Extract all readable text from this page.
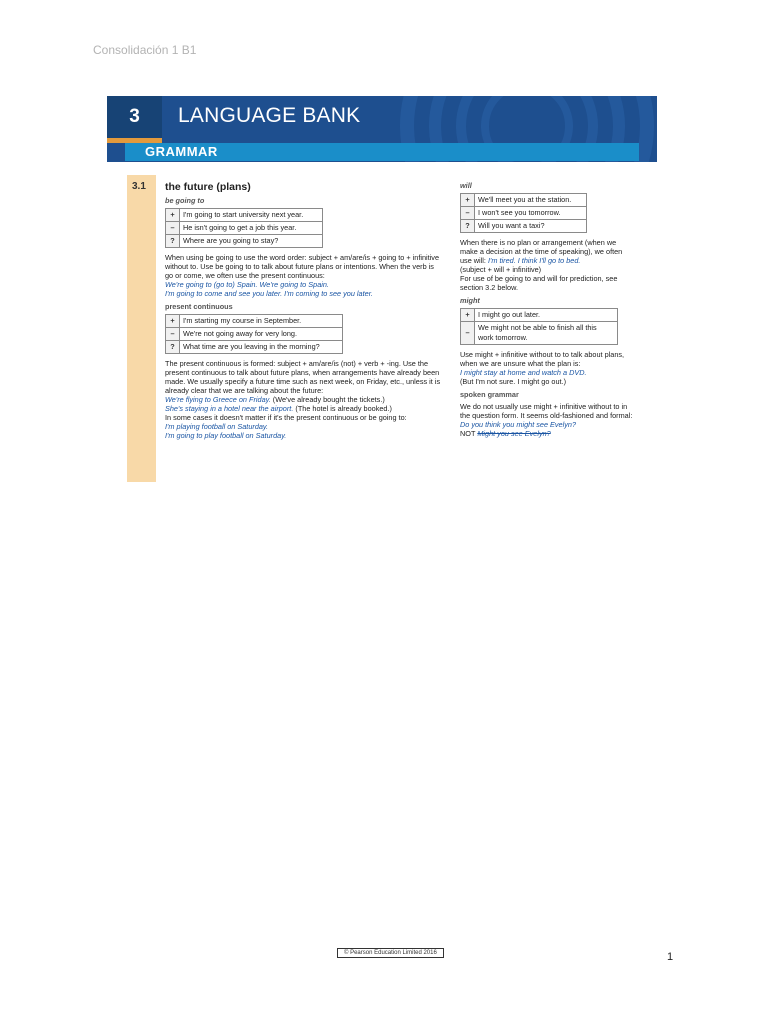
Consolidación 1 B1
3	LANGUAGE BANK
GRAMMAR
3.1 the future (plans)
be going to
+	I'm going to start university next year.
–	He isn't going to get a job this year.
?	Where are you going to stay?

When using be going to use the word order: subject + am/are/is + going to + infinitive without to. Use be going to to talk about future plans or intentions. When the verb is go or come, we often use the present continuous:

We're going to (go to) Spain. We're going to Spain.

I'm going to come and see you later. I'm coming to see you later.

present continuous
+	I'm starting my course in September.
–	We're not going away for very long.
?	What time are you leaving in the morning?

The present continuous is formed: subject + am/are/is (not) + verb + -ing. Use the present continuous to talk about future plans, when arrangements have already been made. We usually specify a future time such as next week, on Friday, etc., unless it is already clear that we are talking about the future:

We're flying to Greece on Friday. (We've already bought the tickets.)

She's staying in a hotel near the airport. (The hotel is already booked.)

In some cases it doesn't matter if it's the present continuous or be going to:

I'm playing football on Saturday.

I'm going to play football on Saturday.

will
+	We'll meet you at the station.
–	I won't see you tomorrow.
?	Will you want a taxi?

When there is no plan or arrangement (when we make a decision at the time of speaking), we often use will: I'm tired. I think I'll go to bed.

(subject + will + infinitive)

For use of be going to and will for prediction, see section 3.2 below.

might
+	I might go out later.
–	We might not be able to finish all this work tomorrow.

Use might + infinitive without to to talk about plans, when we are unsure what the plan is:

I might stay at home and watch a DVD.

(But I'm not sure. I might go out.)

spoken grammar

We do not usually use might + infinitive without to in the question form. It seems old-fashioned and formal:

Do you think you might see Evelyn?

NOT Might you see Evelyn?

© Pearson Education Limited 2016	1
